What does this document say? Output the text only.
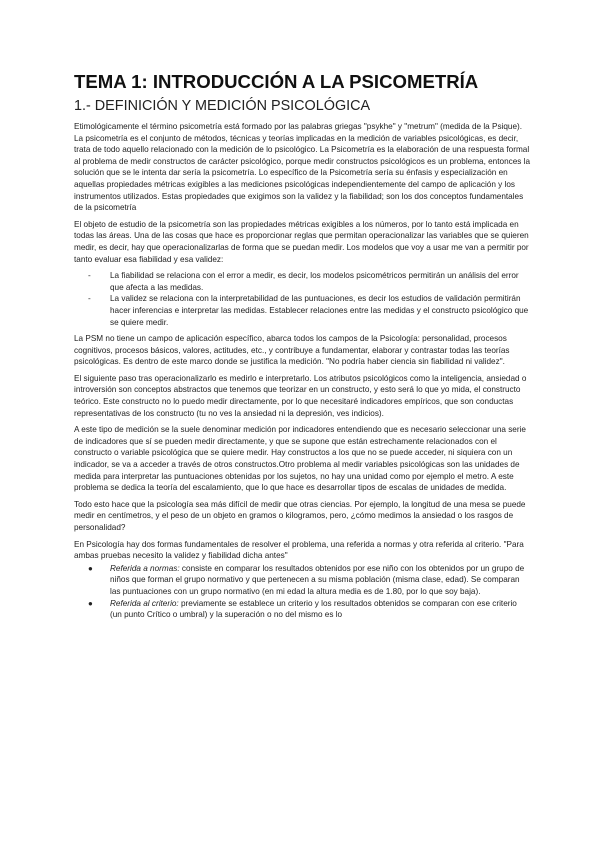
TEMA 1: INTRODUCCIÓN A LA PSICOMETRÍA
1.- DEFINICIÓN Y MEDICIÓN PSICOLÓGICA

Etimológicamente el término psicometría está formado por las palabras griegas "psykhe" y "metrum" (medida de la Psique). La psicometría es el conjunto de métodos, técnicas y teorías implicadas en la medición de variables psicológicas, es decir, trata de todo aquello relacionado con la medición de lo psicológico. La Psicometría es la elaboración de una respuesta formal al problema de medir constructos de carácter psicológico, porque medir constructos psicológicos es un problema, entonces la solución que se le intenta dar sería la psicometría. Lo específico de la Psicometría sería su énfasis y especialización en aquellas propiedades métricas exigibles a las mediciones psicológicas independientemente del campo de aplicación y los instrumentos utilizados. Estas propiedades que exigimos son la validez y la fiabilidad; son los dos conceptos fundamentales de la psicometría

El objeto de estudio de la psicometría son las propiedades métricas exigibles a los números, por lo tanto está implicada en todas las áreas. Una de las cosas que hace es proporcionar reglas que permitan operacionalizar las variables que se quieren medir, es decir, hay que operacionalizarlas de forma que se puedan medir. Los modelos que voy a usar me van a permitir por tanto evaluar esa fiabilidad y esa validez:

- La fiabilidad se relaciona con el error a medir, es decir, los modelos psicométricos permitirán un análisis del error que afecta a las medidas.
- La validez se relaciona con la interpretabilidad de las puntuaciones, es decir los estudios de validación permitirán hacer inferencias e interpretar las medidas. Establecer relaciones entre las medidas y el constructo psicológico que se quiere medir.

La PSM no tiene un campo de aplicación específico, abarca todos los campos de la Psicología: personalidad, procesos cognitivos, procesos básicos, valores, actitudes, etc., y contribuye a fundamentar, elaborar y contrastar todas las teorías psicológicas. Es dentro de este marco donde se justifica la medición. "No podría haber ciencia sin fiabilidad ni validez".

El siguiente paso tras operacionalizarlo es medirlo e interpretarlo. Los atributos psicológicos como la inteligencia, ansiedad o introversión son conceptos abstractos que tenemos que teorizar en un constructo, y esto será lo que yo mida, el constructo teórico. Este constructo no lo puedo medir directamente, por lo que necesitaré indicadores empíricos, que son conductas representativas de los constructo (tu no ves la ansiedad ni la depresión, ves indicios).

A este tipo de medición se la suele denominar medición por indicadores entendiendo que es necesario seleccionar una serie de indicadores que sí se pueden medir directamente, y que se supone que están estrechamente relacionados con el constructo o variable psicológica que se quiere medir. Hay constructos a los que no se puede acceder, ni siquiera con un indicador, se va a acceder a través de otros constructos.Otro problema al medir variables psicológicas son las unidades de medida para interpretar las puntuaciones obtenidas por los sujetos, no hay una unidad como por ejemplo el metro. A este problema se dedica la teoría del escalamiento, que lo que hace es desarrollar tipos de escalas de unidades de medida.

Todo esto hace que la psicología sea más difícil de medir que otras ciencias. Por ejemplo, la longitud de una mesa se puede medir en centímetros, y el peso de un objeto en gramos o kilogramos, pero, ¿cómo medimos la ansiedad o los rasgos de personalidad?

En Psicología hay dos formas fundamentales de resolver el problema, una referida a normas y otra referida al criterio. "Para ambas pruebas necesito la validez y fiabilidad dicha antes"

● Referida a normas: consiste en comparar los resultados obtenidos por ese niño con los obtenidos por un grupo de niños que forman el grupo normativo y que pertenecen a su misma población (misma clase, edad). Se comparan las puntuaciones con un grupo normativo (en mi edad la altura media es de 1.80, por lo que soy baja).
● Referida al criterio: previamente se establece un criterio y los resultados obtenidos se comparan con ese criterio (un punto Crítico o umbral) y la superación o no del mismo es lo
